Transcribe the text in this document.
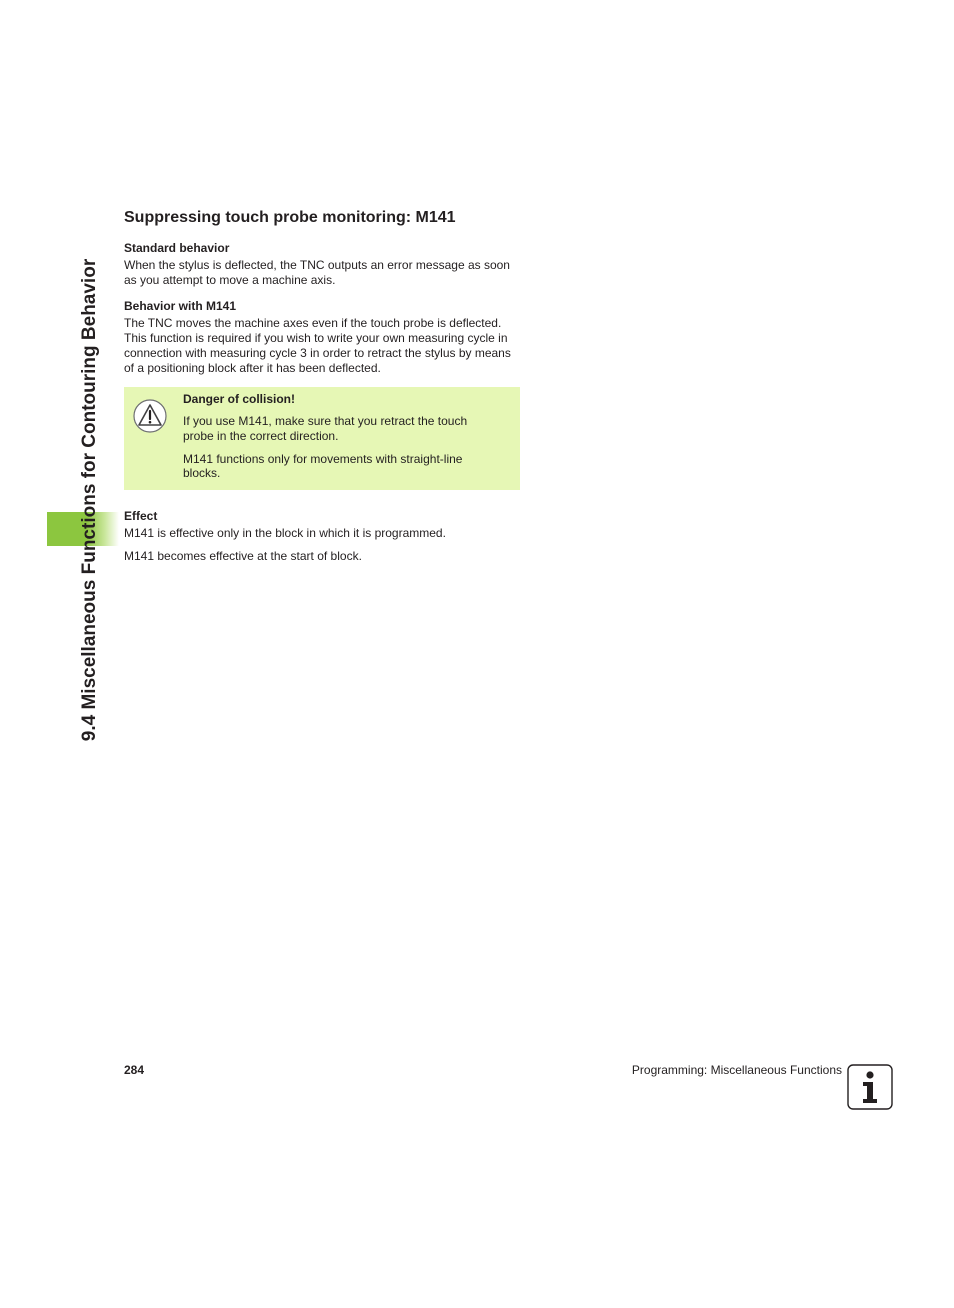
9.4 Miscellaneous Functions for Contouring Behavior
Suppressing touch probe monitoring: M141
Standard behavior

When the stylus is deflected, the TNC outputs an error message as soon as you attempt to move a machine axis.

Behavior with M141

The TNC moves the machine axes even if the touch probe is deflected. This function is required if you wish to write your own measuring cycle in connection with measuring cycle 3 in order to retract the stylus by means of a positioning block after it has been deflected.

Danger of collision!

If you use M141, make sure that you retract the touch probe in the correct direction.

M141 functions only for movements with straight-line blocks.

Effect

M141 is effective only in the block in which it is programmed.

M141 becomes effective at the start of block.

284	Programming: Miscellaneous Functions
